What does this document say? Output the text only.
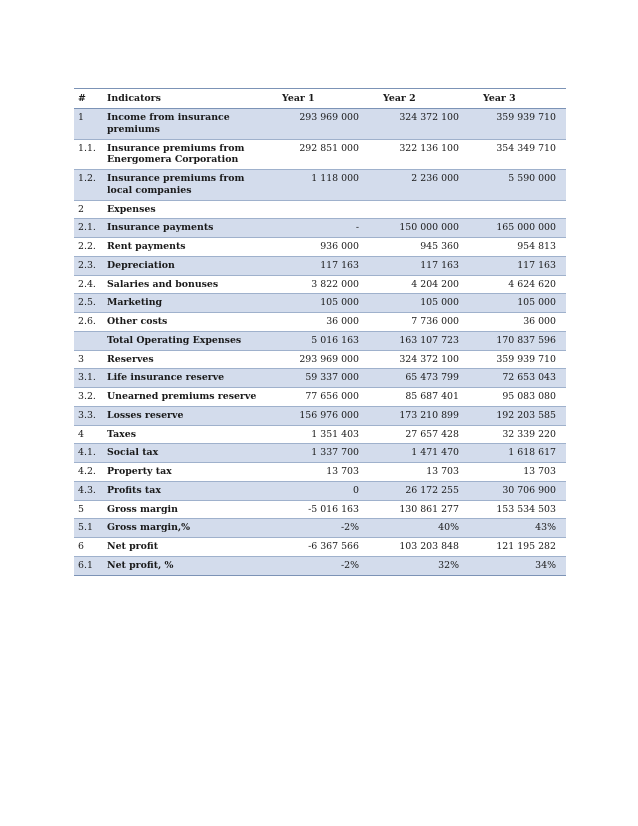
#	Indicators	Year 1	Year 2	Year 3
1	Income from insurance premiums	293 969 000	324 372 100	359 939 710
1.1.	Insurance premiums from Energomera Corporation	292 851 000	322 136 100	354 349 710
1.2.	Insurance premiums from local companies	1 118 000	2 236 000	5 590 000
2	Expenses			
2.1.	Insurance payments	-	150 000 000	165 000 000
2.2.	Rent payments	936 000	945 360	954 813
2.3.	Depreciation	117 163	117 163	117 163
2.4.	Salaries and bonuses	3 822 000	4 204 200	4 624 620
2.5.	Marketing	105 000	105 000	105 000
2.6.	Other costs	36 000	7 736 000	36 000
	Total Operating Expenses	5 016 163	163 107 723	170 837 596
3	Reserves	293 969 000	324 372 100	359 939 710
3.1.	Life insurance reserve	59 337 000	65 473 799	72 653 043
3.2.	Unearned premiums reserve	77 656 000	85 687 401	95 083 080
3.3.	Losses reserve	156 976 000	173 210 899	192 203 585
4	Taxes	1 351 403	27 657 428	32 339 220
4.1.	Social tax	1 337 700	1 471 470	1 618 617
4.2.	Property tax	13 703	13 703	13 703
4.3.	Profits tax	0	26 172 255	30 706 900
5	Gross margin	-5 016 163	130 861 277	153 534 503
5.1	Gross margin,%	-2%	40%	43%
6	Net profit	-6 367 566	103 203 848	121 195 282
6.1	Net profit, %	-2%	32%	34%
